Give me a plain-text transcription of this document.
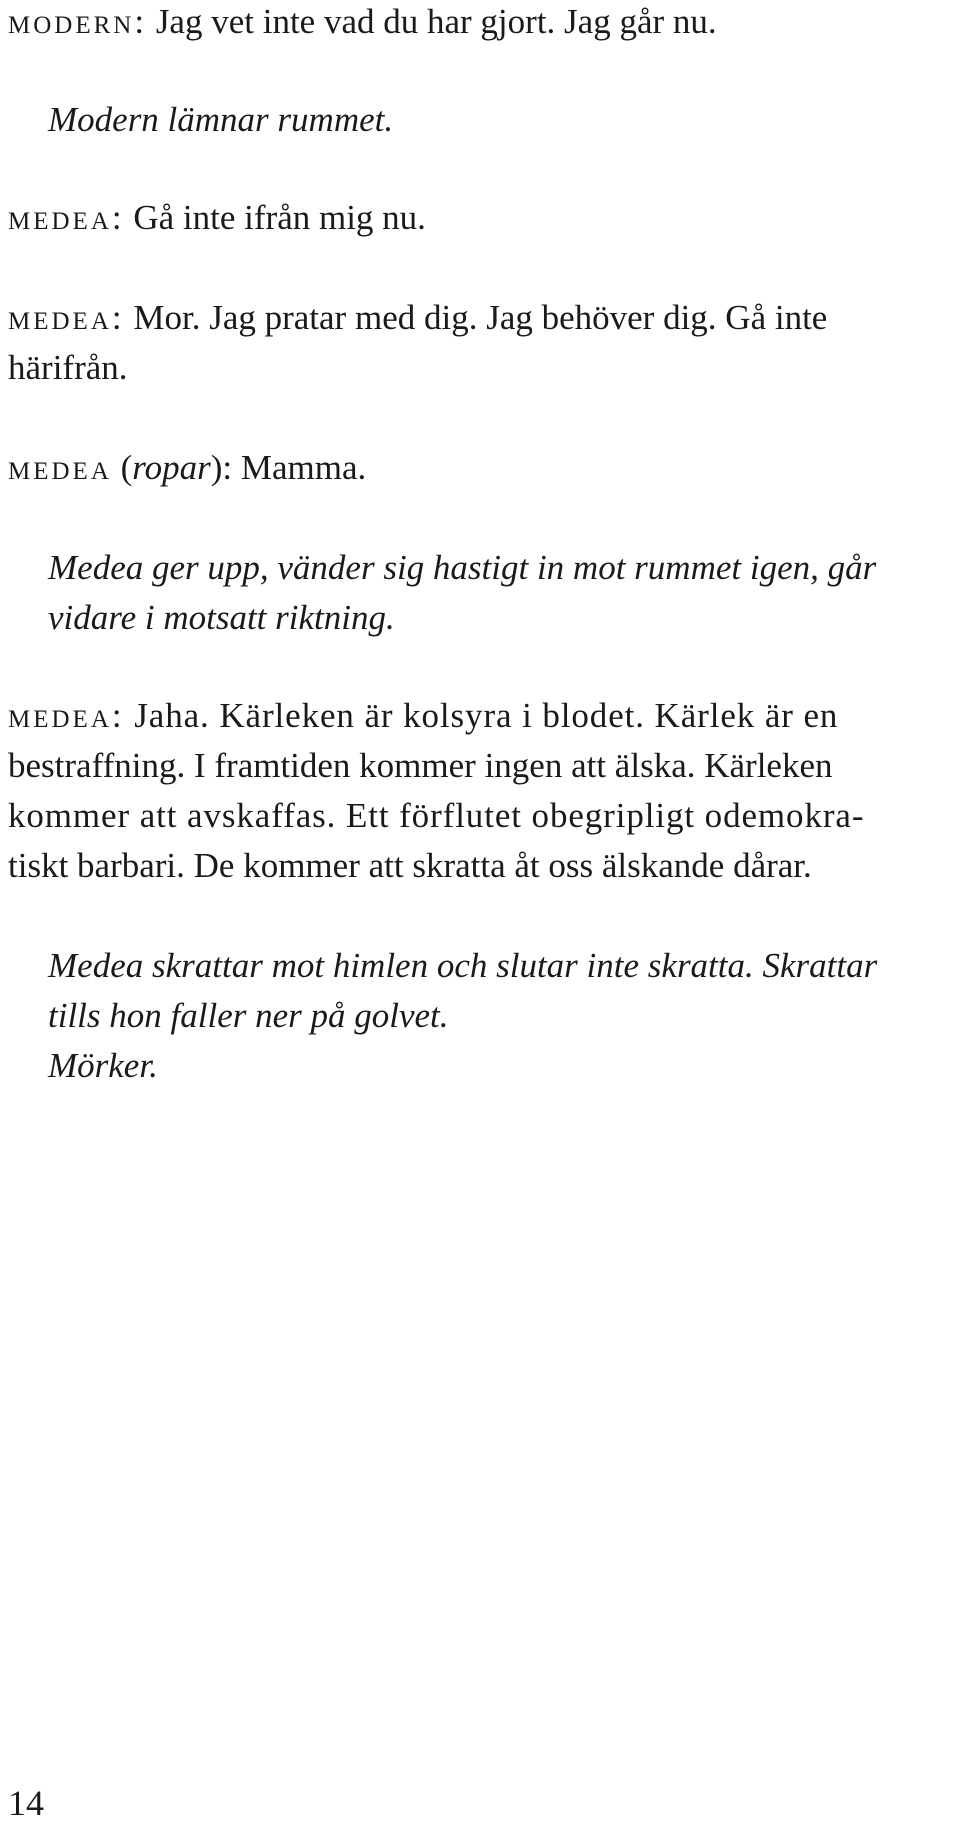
modern: Jag vet inte vad du har gjort. Jag går nu.
Modern lämnar rummet.
medea: Gå inte ifrån mig nu.
medea: Mor. Jag pratar med dig. Jag behöver dig. Gå inte
härifrån.
medea (ropar): Mamma.
Medea ger upp, vänder sig hastigt in mot rummet igen, går
vidare i motsatt riktning.
medea: Jaha. Kärleken är kolsyra i blodet. Kärlek är en
bestraffning. I framtiden kommer ingen att älska. Kärleken
kommer att avskaffas. Ett förflutet obegripligt odemokra-
tiskt barbari. De kommer att skratta åt oss älskande dårar.
Medea skrattar mot himlen och slutar inte skratta. Skrattar
tills hon faller ner på golvet.
Mörker.
14
